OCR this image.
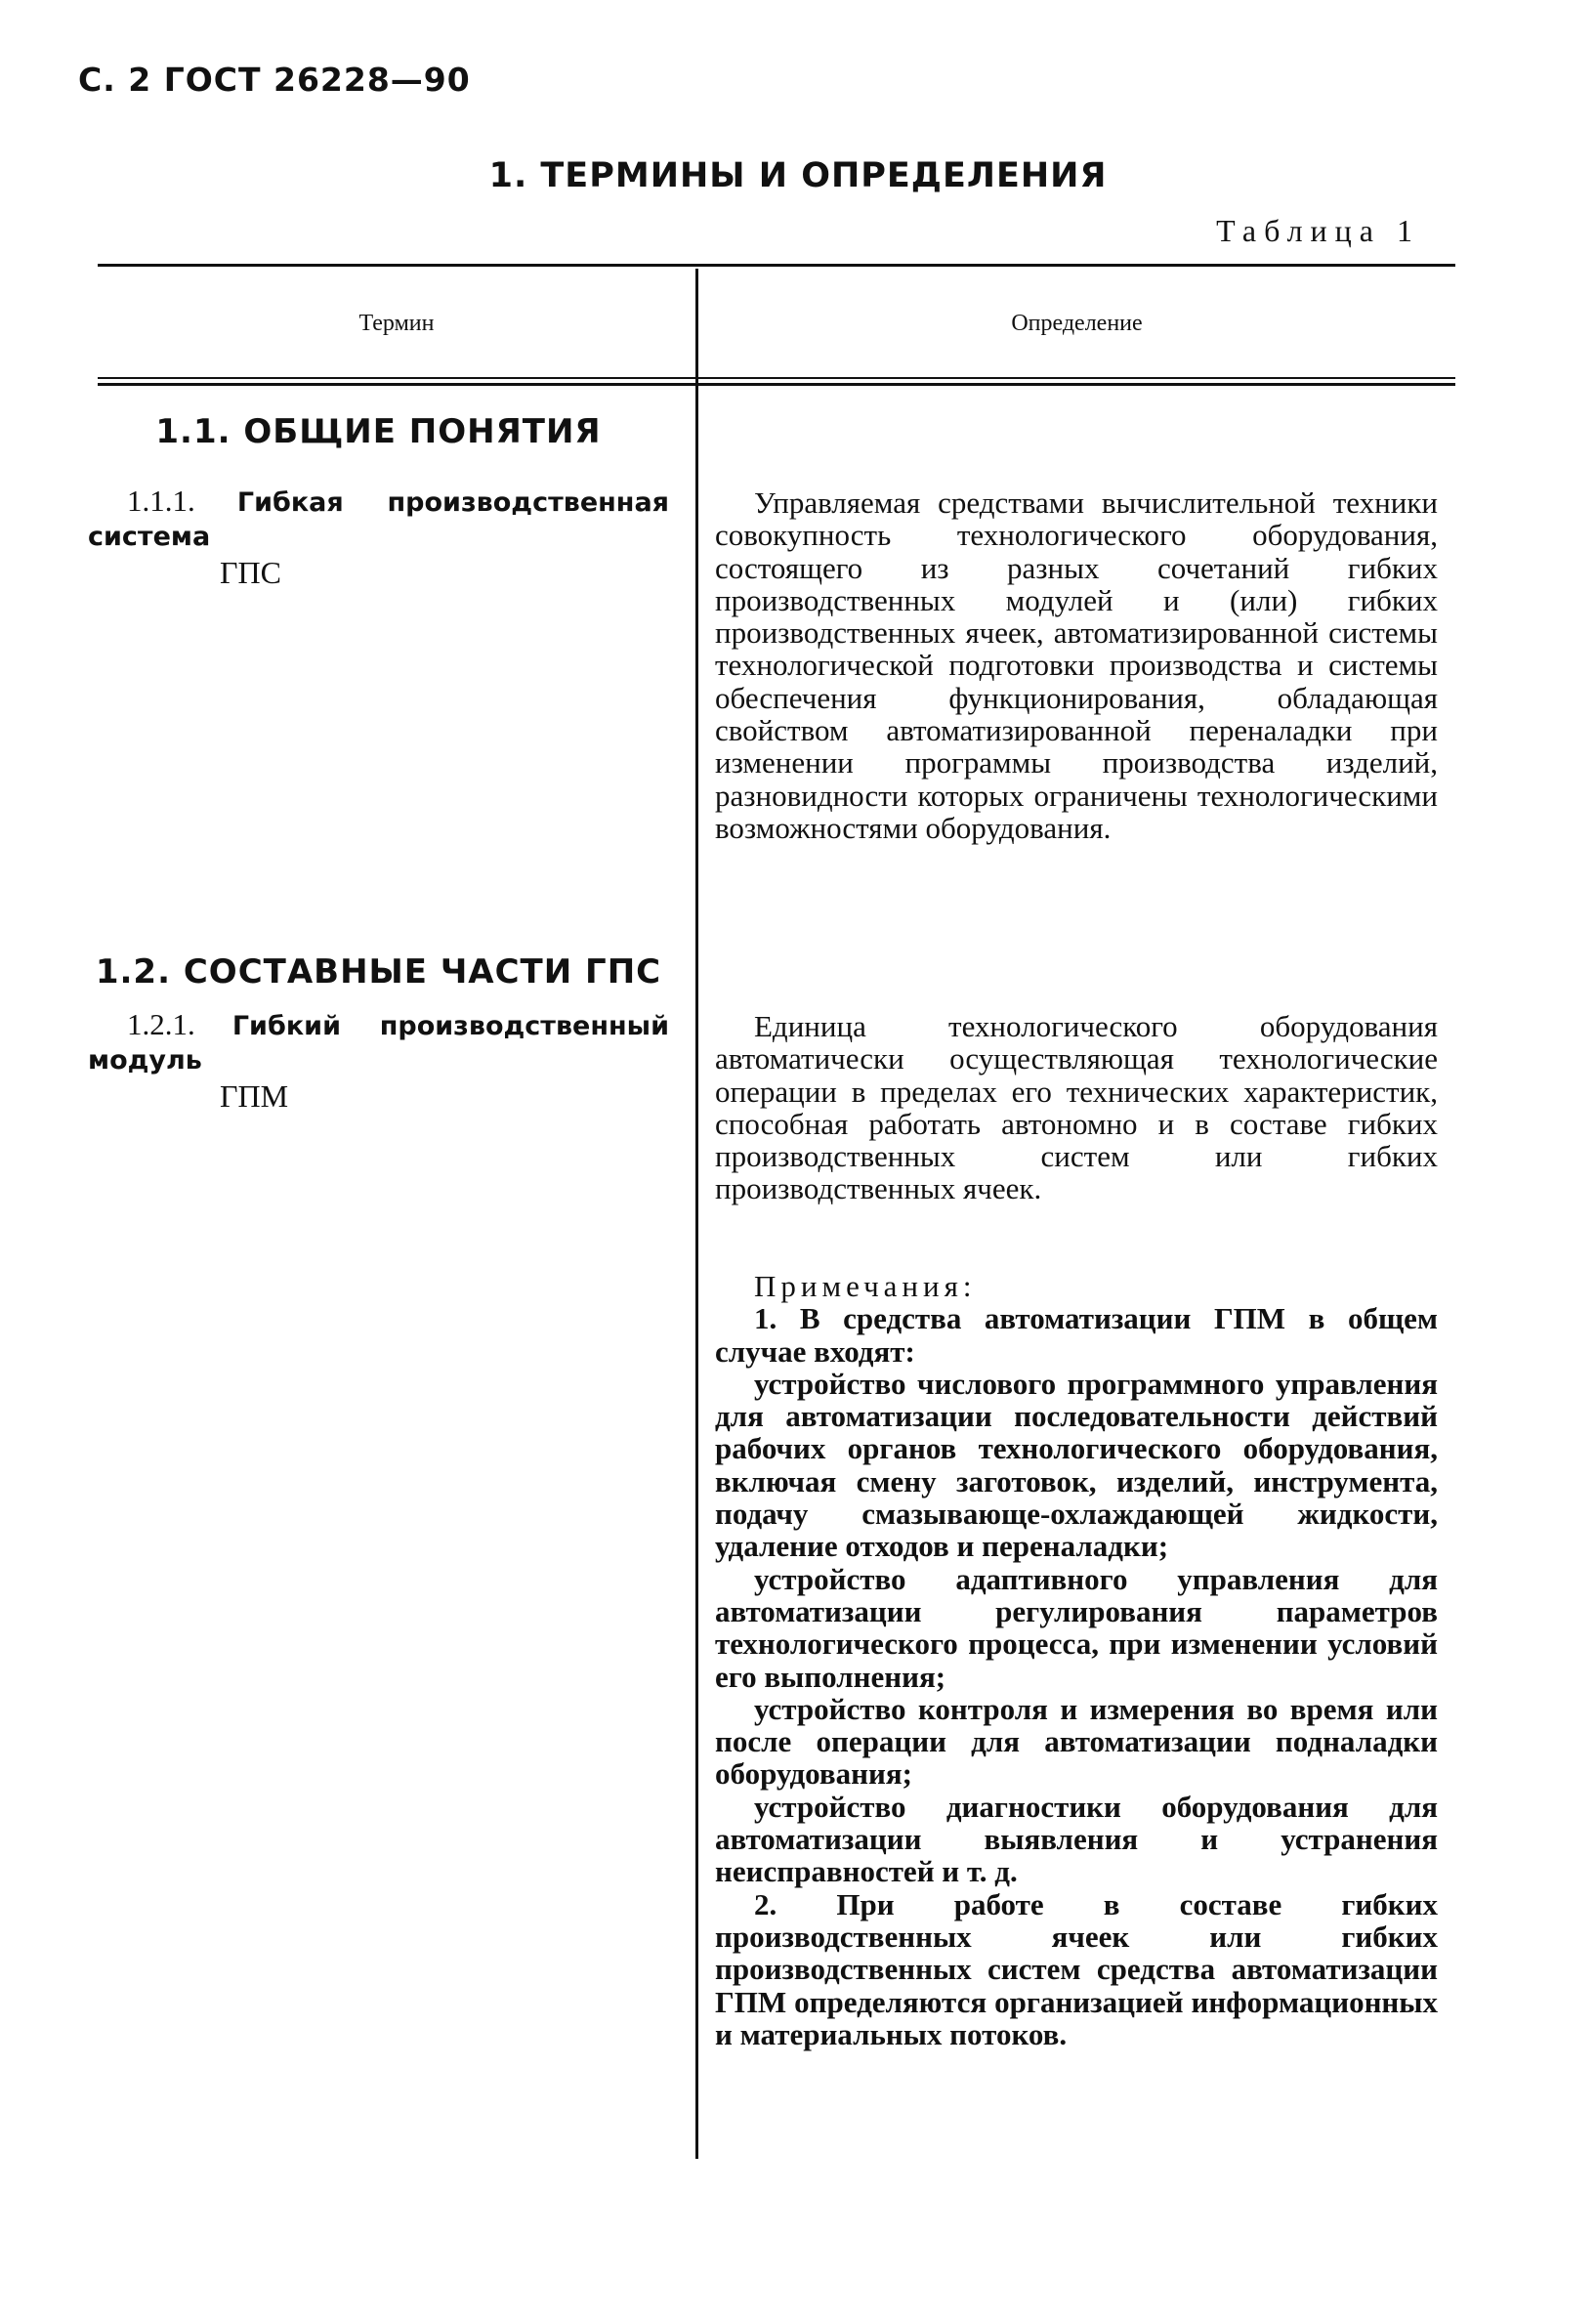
С. 2 ГОСТ 26228—90
1. ТЕРМИНЫ И ОПРЕДЕЛЕНИЯ
Таблица 1
Термин	Определение
1.1. ОБЩИЕ ПОНЯТИЯ
1.1.1. Гибкая производственная система
ГПС

Управляемая средствами вычислительной техники совокупность технологического оборудования, состоящего из разных сочетаний гибких производственных модулей и (или) гибких производственных ячеек, автоматизированной системы технологической подготовки производства и системы обеспечения функционирования, обладающая свойством автоматизированной переналадки при изменении программы производства изделий, разновидности которых ограничены технологическими возможностями оборудования.

1.2. СОСТАВНЫЕ ЧАСТИ ГПС
1.2.1. Гибкий производственный модуль
ГПМ

Единица технологического оборудования автоматически осуществляющая технологические операции в пределах его технических характеристик, способная работать автономно и в составе гибких производственных систем или гибких производственных ячеек.

Примечания:

1. В средства автоматизации ГПМ в общем случае входят:

устройство числового программного управления для автоматизации последовательности действий рабочих органов технологического оборудования, включая смену заготовок, изделий, инструмента, подачу смазывающе-охлаждающей жидкости, удаление отходов и переналадки;

устройство адаптивного управления для автоматизации регулирования параметров технологического процесса, при изменении условий его выполнения;

устройство контроля и измерения во время или после операции для автоматизации подналадки оборудования;

устройство диагностики оборудования для автоматизации выявления и устранения неисправностей и т. д.

2. При работе в составе гибких производственных ячеек или гибких производственных систем средства автоматизации ГПМ определяются организацией информационных и материальных потоков.
